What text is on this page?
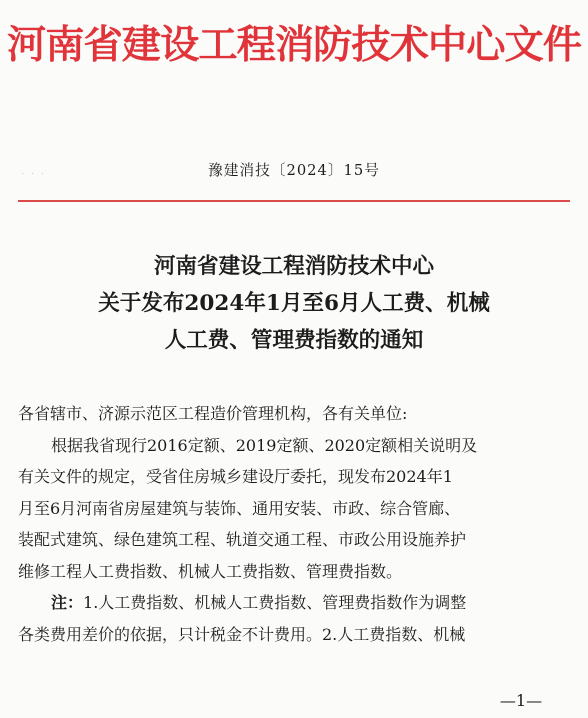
河南省建设工程消防技术中心文件
· · ·	豫建消技〔2024〕15号
河南省建设工程消防技术中心
关于发布2024年1月至6月人工费、机械
人工费、管理费指数的通知
各省辖市、济源示范区工程造价管理机构，各有关单位:
根据我省现行2016定额、2019定额、2020定额相关说明及
有关文件的规定，受省住房城乡建设厅委托，现发布2024年1
月至6月河南省房屋建筑与装饰、通用安装、市政、综合管廊、
装配式建筑、绿色建筑工程、轨道交通工程、市政公用设施养护
维修工程人工费指数、机械人工费指数、管理费指数。
注：1.人工费指数、机械人工费指数、管理费指数作为调整
各类费用差价的依据，只计税金不计费用。2.人工费指数、机械
—1—
